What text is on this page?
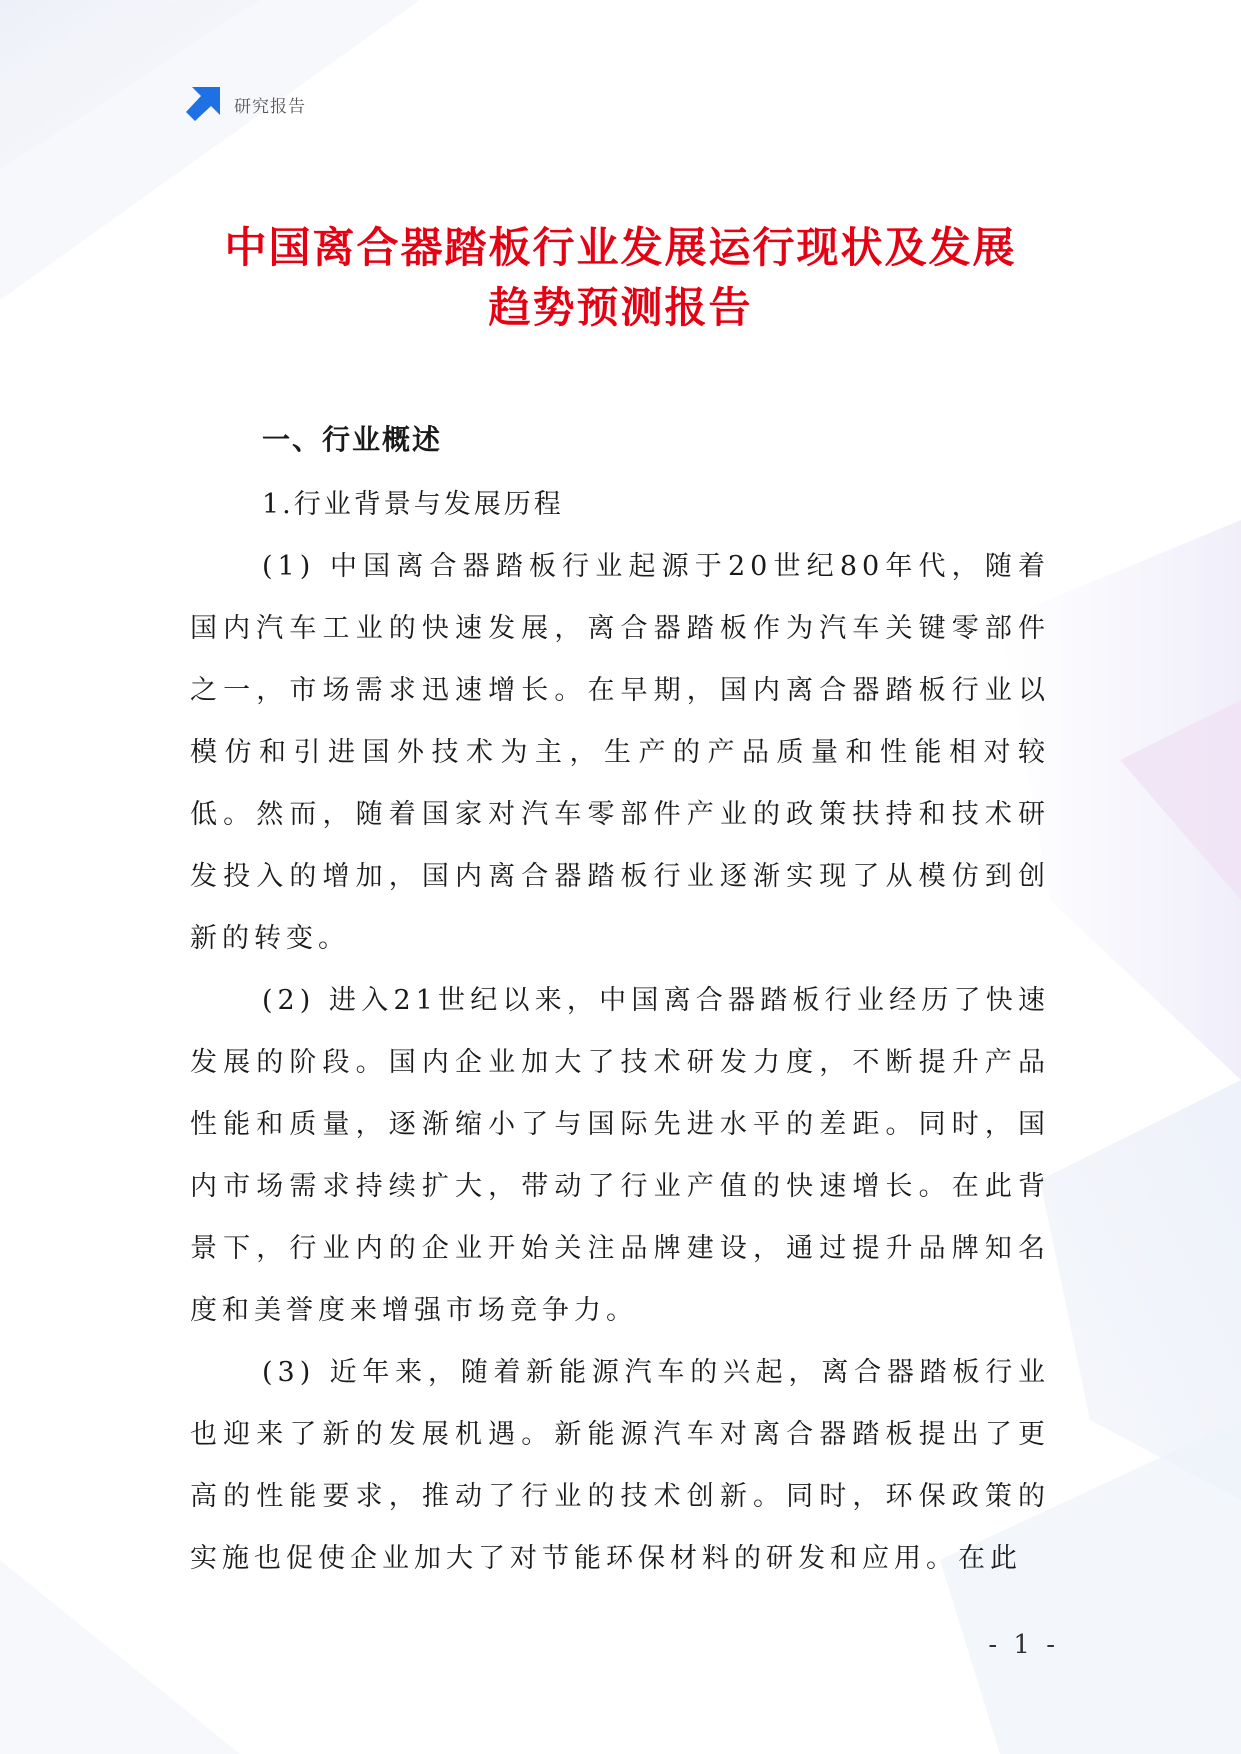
研究报告
中国离合器踏板行业发展运行现状及发展
趋势预测报告
一、行业概述
1.行业背景与发展历程

(1) 中国离合器踏板行业起源于20世纪80年代，随着国内汽车工业的快速发展，离合器踏板作为汽车关键零部件之一，市场需求迅速增长。在早期，国内离合器踏板行业以模仿和引进国外技术为主，生产的产品质量和性能相对较低。然而，随着国家对汽车零部件产业的政策扶持和技术研发投入的增加，国内离合器踏板行业逐渐实现了从模仿到创新的转变。

(2) 进入21世纪以来，中国离合器踏板行业经历了快速发展的阶段。国内企业加大了技术研发力度，不断提升产品性能和质量，逐渐缩小了与国际先进水平的差距。同时，国内市场需求持续扩大，带动了行业产值的快速增长。在此背景下，行业内的企业开始关注品牌建设，通过提升品牌知名度和美誉度来增强市场竞争力。

(3) 近年来，随着新能源汽车的兴起，离合器踏板行业也迎来了新的发展机遇。新能源汽车对离合器踏板提出了更高的性能要求，推动了行业的技术创新。同时，环保政策的实施也促使企业加大了对节能环保材料的研发和应用。在此

- 1 -
